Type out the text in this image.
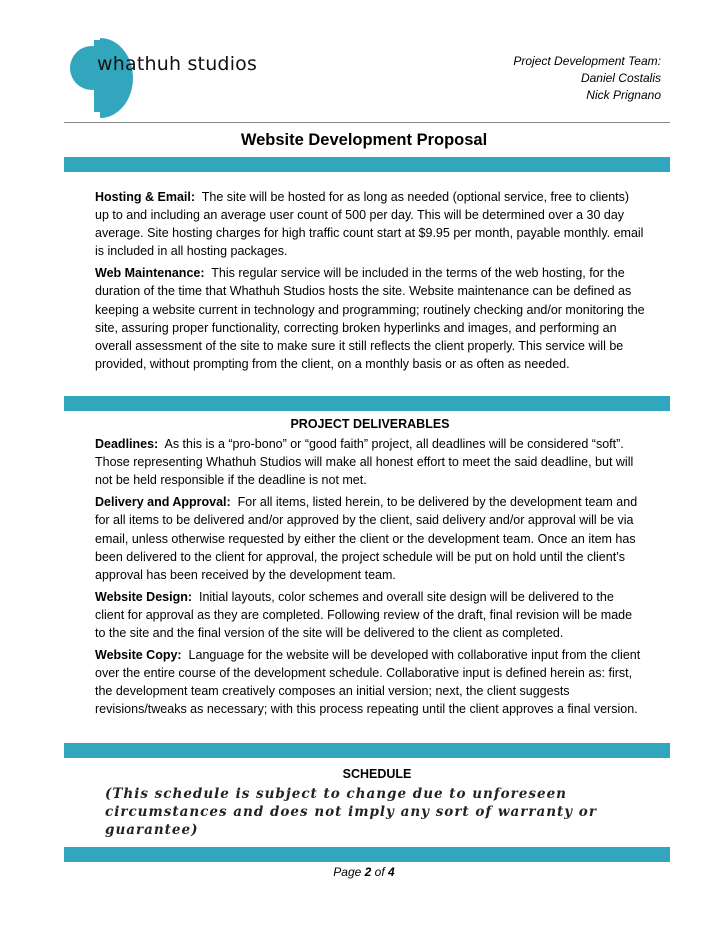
whathuh studios	Project Development Team:
Daniel Costalis
Nick Prignano
Website Development Proposal

Hosting & Email: The site will be hosted for as long as needed (optional service, free to clients) up to and including an average user count of 500 per day. This will be determined over a 30 day average. Site hosting charges for high traffic count start at $9.95 per month, payable monthly. email is included in all hosting packages.

Web Maintenance: This regular service will be included in the terms of the web hosting, for the duration of the time that Whathuh Studios hosts the site. Website maintenance can be defined as keeping a website current in technology and programming; routinely checking and/or monitoring the site, assuring proper functionality, correcting broken hyperlinks and images, and performing an overall assessment of the site to make sure it still reflects the client properly. This service will be provided, without prompting from the client, on a monthly basis or as often as needed.

PROJECT DELIVERABLES

Deadlines: As this is a “pro-bono” or “good faith” project, all deadlines will be considered “soft”. Those representing Whathuh Studios will make all honest effort to meet the said deadline, but will not be held responsible if the deadline is not met.

Delivery and Approval: For all items, listed herein, to be delivered by the development team and for all items to be delivered and/or approved by the client, said delivery and/or approval will be via email, unless otherwise requested by either the client or the development team. Once an item has been delivered to the client for approval, the project schedule will be put on hold until the client’s approval has been received by the development team.

Website Design: Initial layouts, color schemes and overall site design will be delivered to the client for approval as they are completed. Following review of the draft, final revision will be made to the site and the final version of the site will be delivered to the client as completed.

Website Copy: Language for the website will be developed with collaborative input from the client over the entire course of the development schedule. Collaborative input is defined herein as: first, the development team creatively composes an initial version; next, the client suggests revisions/tweaks as necessary; with this process repeating until the client approves a final version.

SCHEDULE
(This schedule is subject to change due to unforeseen circumstances and does not imply any sort of warranty or guarantee)
Page 2 of 4
